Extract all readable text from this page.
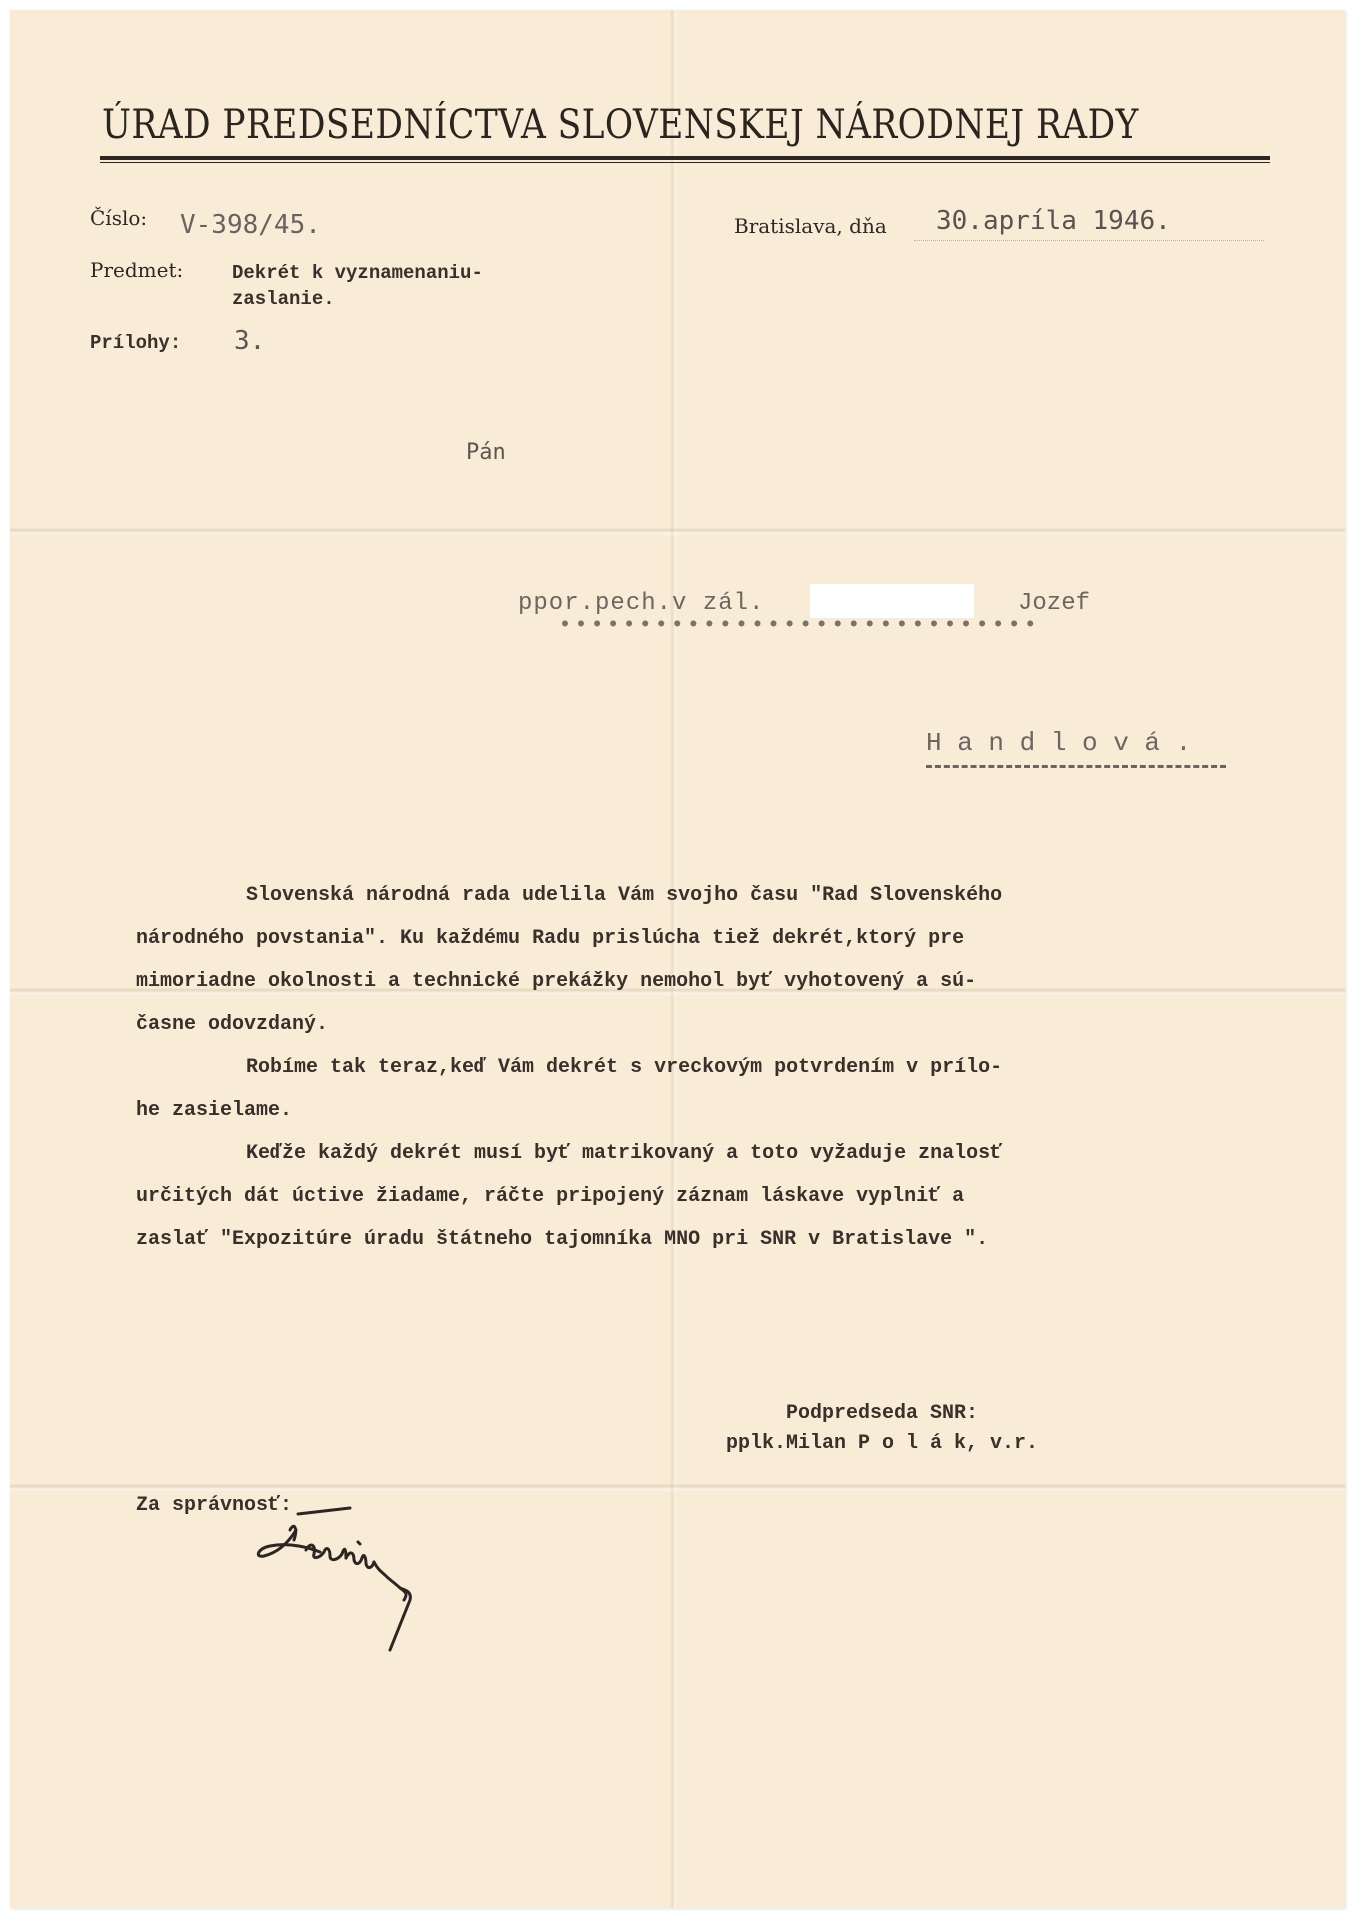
ÚRAD PREDSEDNÍCTVA SLOVENSKEJ NÁRODNEJ RADY
Číslo: V-398/45.
Predmet:	Dekrét k vyznamenaniu-
zaslanie.
Prílohy: 3.
Bratislava, dňa 30.apríla 1946.
Pán
ppor.pech.v zál.	Jozef
● ● ● ● ● ● ● ● ● ● ● ● ● ● ● ● ● ● ● ● ● ● ● ● ● ● ● ● ● ●
H a n d l o v á .
Slovenská národná rada udelila Vám svojho času "Rad Slovenského
národného povstania". Ku každému Radu prislúcha tiež dekrét,ktorý pre
mimoriadne okolnosti a technické prekážky nemohol byť vyhotovený a sú-
časne odovzdaný.
Robíme tak teraz,keď Vám dekrét s vreckovým potvrdením v prílo-
he zasielame.
Keďže každý dekrét musí byť matrikovaný a toto vyžaduje znalosť
určitých dát úctive žiadame, ráčte pripojený záznam láskave vyplniť a
zaslať "Expozitúre úradu štátneho tajomníka MNO pri SNR v Bratislave ".
Podpredseda SNR:
pplk.Milan P o l á k, v.r.
Za správnosť:
